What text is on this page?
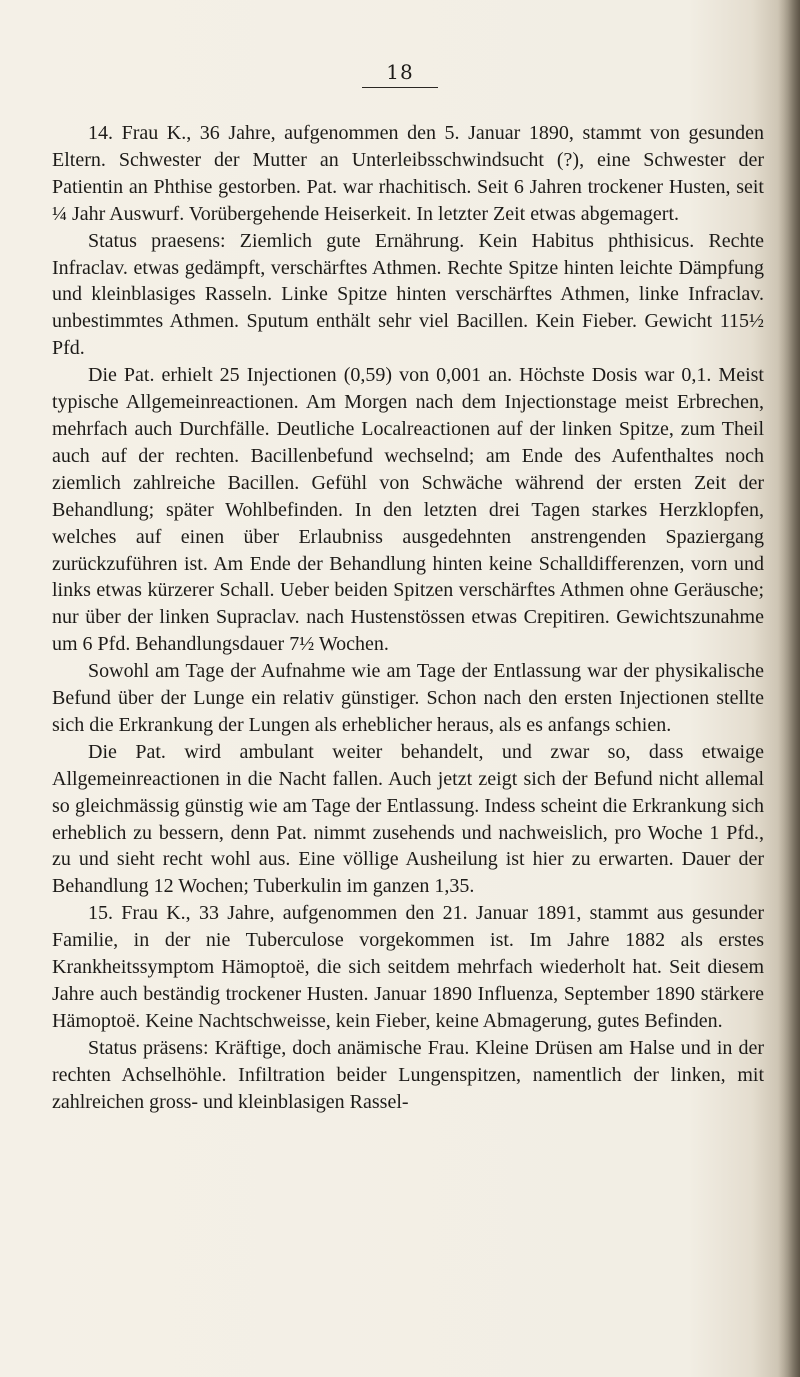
18

14. Frau K., 36 Jahre, aufgenommen den 5. Januar 1890, stammt von gesunden Eltern. Schwester der Mutter an Unterleibsschwindsucht (?), eine Schwester der Patientin an Phthise gestorben. Pat. war rhachitisch. Seit 6 Jahren trockener Husten, seit ¼ Jahr Auswurf. Vorübergehende Heiserkeit. In letzter Zeit etwas abgemagert.

Status praesens: Ziemlich gute Ernährung. Kein Habitus phthisicus. Rechte Infraclav. etwas gedämpft, verschärftes Athmen. Rechte Spitze hinten leichte Dämpfung und kleinblasiges Rasseln. Linke Spitze hinten verschärftes Athmen, linke Infraclav. unbestimmtes Athmen. Sputum enthält sehr viel Bacillen. Kein Fieber. Gewicht 115½ Pfd.

Die Pat. erhielt 25 Injectionen (0,59) von 0,001 an. Höchste Dosis war 0,1. Meist typische Allgemeinreactionen. Am Morgen nach dem Injectionstage meist Erbrechen, mehrfach auch Durchfälle. Deutliche Localreactionen auf der linken Spitze, zum Theil auch auf der rechten. Bacillenbefund wechselnd; am Ende des Aufenthaltes noch ziemlich zahlreiche Bacillen. Gefühl von Schwäche während der ersten Zeit der Behandlung; später Wohlbefinden. In den letzten drei Tagen starkes Herzklopfen, welches auf einen über Erlaubniss ausgedehnten anstrengenden Spaziergang zurückzuführen ist. Am Ende der Behandlung hinten keine Schalldifferenzen, vorn und links etwas kürzerer Schall. Ueber beiden Spitzen verschärftes Athmen ohne Geräusche; nur über der linken Supraclav. nach Hustenstössen etwas Crepitiren. Gewichtszunahme um 6 Pfd. Behandlungsdauer 7½ Wochen.

Sowohl am Tage der Aufnahme wie am Tage der Entlassung war der physikalische Befund über der Lunge ein relativ günstiger. Schon nach den ersten Injectionen stellte sich die Erkrankung der Lungen als erheblicher heraus, als es anfangs schien.

Die Pat. wird ambulant weiter behandelt, und zwar so, dass etwaige Allgemeinreactionen in die Nacht fallen. Auch jetzt zeigt sich der Befund nicht allemal so gleichmässig günstig wie am Tage der Entlassung. Indess scheint die Erkrankung sich erheblich zu bessern, denn Pat. nimmt zusehends und nachweislich, pro Woche 1 Pfd., zu und sieht recht wohl aus. Eine völlige Ausheilung ist hier zu erwarten. Dauer der Behandlung 12 Wochen; Tuberkulin im ganzen 1,35.

15. Frau K., 33 Jahre, aufgenommen den 21. Januar 1891, stammt aus gesunder Familie, in der nie Tuberculose vorgekommen ist. Im Jahre 1882 als erstes Krankheitssymptom Hämoptoë, die sich seitdem mehrfach wiederholt hat. Seit diesem Jahre auch beständig trockener Husten. Januar 1890 Influenza, September 1890 stärkere Hämoptoë. Keine Nachtschweisse, kein Fieber, keine Abmagerung, gutes Befinden.

Status präsens: Kräftige, doch anämische Frau. Kleine Drüsen am Halse und in der rechten Achselhöhle. Infiltration beider Lungenspitzen, namentlich der linken, mit zahlreichen gross- und kleinblasigen Rassel-
